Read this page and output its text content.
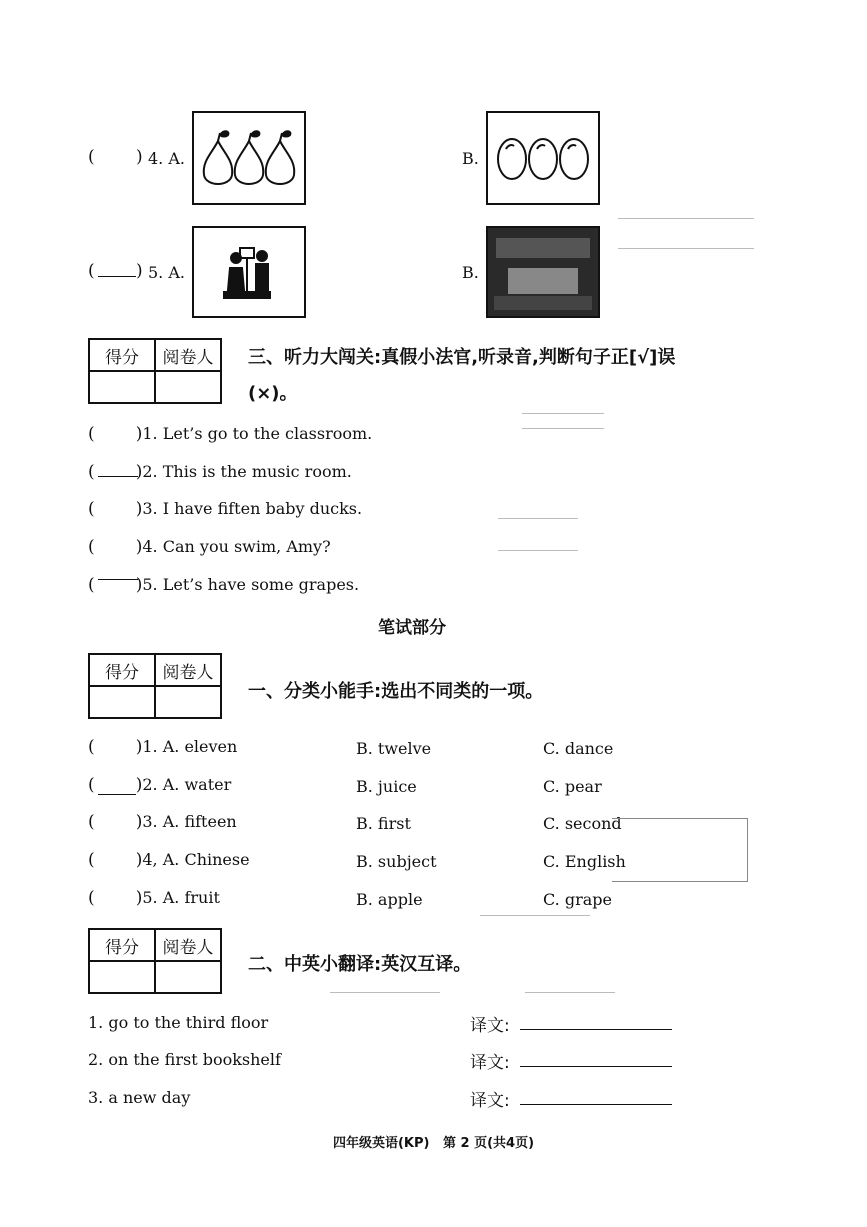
( ) 4. A.	B.
( ) 5. A.	B.
得分	阅卷人
	三、听力大闯关:真假小法官,听录音,判断句子正[√]误
(×)。
( )1. Let’s go to the classroom.
( )2. This is the music room.
( )3. I have fiften baby ducks.
( )4. Can you swim, Amy?
( )5. Let’s have some grapes.
笔试部分
得分	阅卷人

一、分类小能手:选出不同类的一项。
( )1. A. eleven	B. twelve	C. dance
( )2. A. water	B. juice	C. pear
( )3. A. fifteen	B. first	C. second
( )4, A. Chinese	B. subject	C. English
( )5. A. fruit	B. apple	C. grape
得分	阅卷人

二、中英小翻译:英汉互译。
1. go to the third floor	译文:
2. on the first bookshelf	译文:
3. a new day	译文:
四年级英语(KP)   第 2 页(共4页)
